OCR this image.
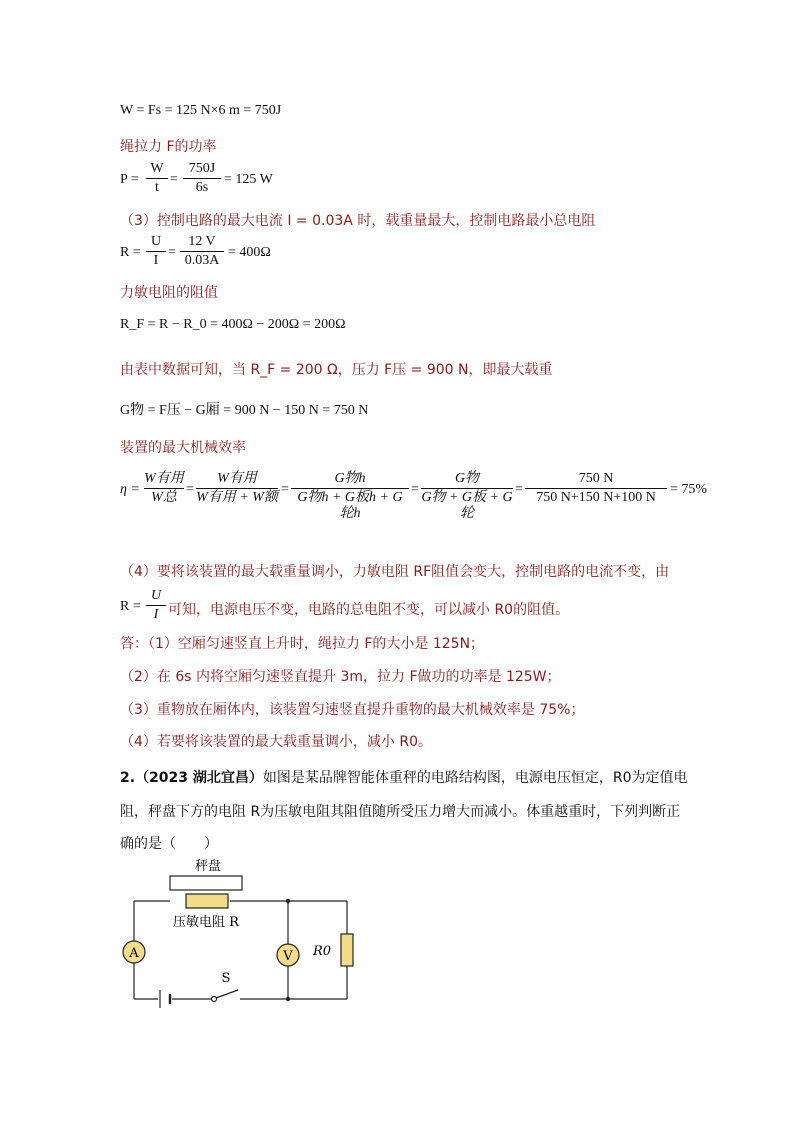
W = Fs = 125 N×6 m = 750J
绳拉力 F的功率
P =
W
t
=
750J
6s
= 125 W
（3）控制电路的最大电流 I = 0.03A 时，载重量最大，控制电路最小总电阻
R =
U
I
=
12 V
0.03A
= 400Ω
力敏电阻的阻值
R_F = R − R_0 = 400Ω − 200Ω = 200Ω
由表中数据可知，当 R_F = 200 Ω，压力 F压 = 900 N，即最大载重
G物 = F压 − G厢 = 900 N − 150 N = 750 N
装置的最大机械效率
η =
W有用
W总
=
W有用
W有用 + W额
=
G物h
G物h + G板h + G轮h
=
G物
G物 + G板 + G轮
=
750 N
750 N+150 N+100 N
= 75%
（4）要将该装置的最大载重量调小，力敏电阻 RF阻值会变大，控制电路的电流不变，由
R =
U
I 可知，电源电压不变，电路的总电阻不变，可以减小 R0的阻值。
答：（1）空厢匀速竖直上升时，绳拉力 F的大小是 125N；
（2）在 6s 内将空厢匀速竖直提升 3m，拉力 F做功的功率是 125W；
（3）重物放在厢体内，该装置匀速竖直提升重物的最大机械效率是 75%；
（4）若要将该装置的最大载重量调小，减小 R0。
2.（2023 湖北宜昌）如图是某品牌智能体重秤的电路结构图，电源电压恒定，R0为定值电
阻，秤盘下方的电阻 R为压敏电阻其阻值随所受压力增大而减小。体重越重时，下列判断正
确的是（　　）
A	V R0
S
秤盘
压敏电阻 R
